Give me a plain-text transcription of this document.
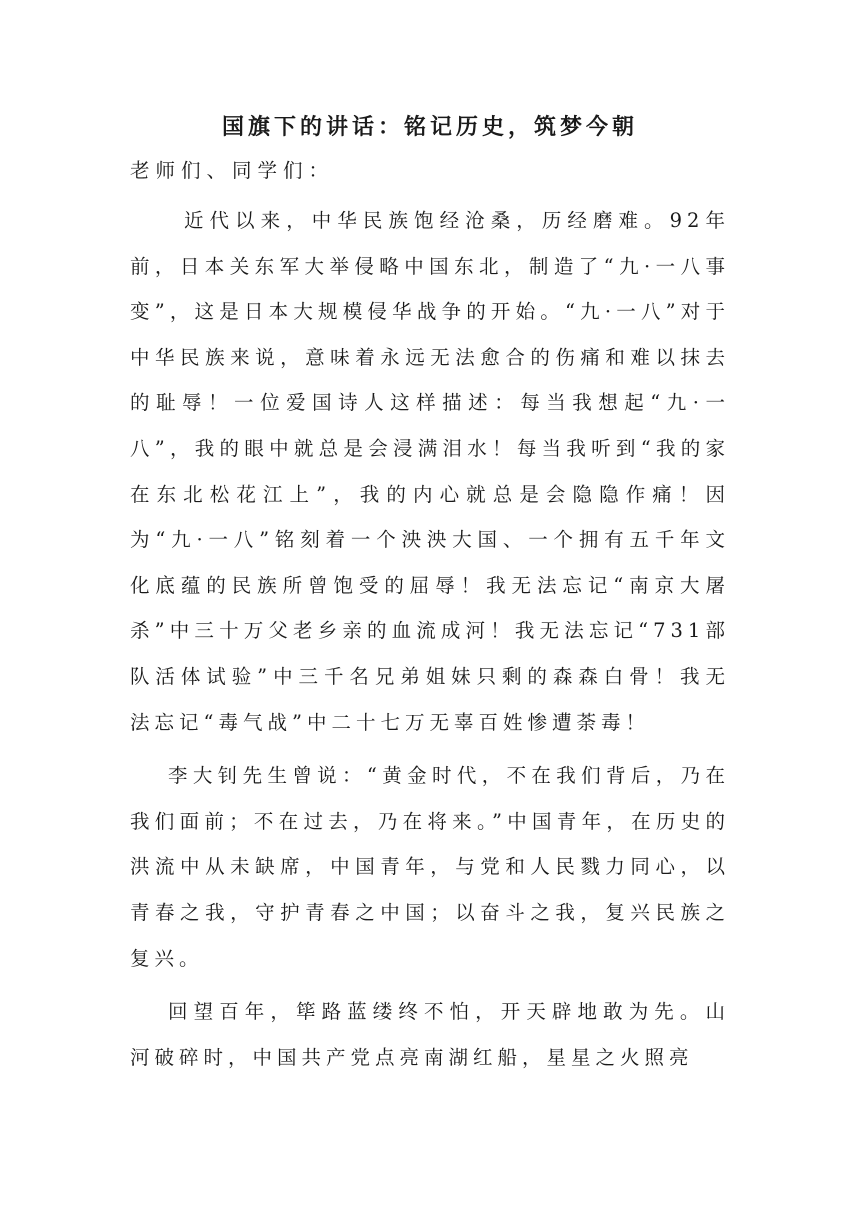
国旗下的讲话：铭记历史，筑梦今朝

老师们、同学们：

近代以来，中华民族饱经沧桑，历经磨难。92年前，日本关东军大举侵略中国东北，制造了“九·一八事变”，这是日本大规模侵华战争的开始。“九·一八”对于中华民族来说，意味着永远无法愈合的伤痛和难以抹去的耻辱！一位爱国诗人这样描述：每当我想起“九·一八”，我的眼中就总是会浸满泪水！每当我听到“我的家在东北松花江上”，我的内心就总是会隐隐作痛！因为“九·一八”铭刻着一个泱泱大国、一个拥有五千年文化底蕴的民族所曾饱受的屈辱！我无法忘记“南京大屠杀”中三十万父老乡亲的血流成河！我无法忘记“731部队活体试验”中三千名兄弟姐妹只剩的森森白骨！我无法忘记“毒气战”中二十七万无辜百姓惨遭荼毒！

李大钊先生曾说：“黄金时代，不在我们背后，乃在我们面前；不在过去，乃在将来。”中国青年，在历史的洪流中从未缺席，中国青年，与党和人民戮力同心，以青春之我，守护青春之中国；以奋斗之我，复兴民族之复兴。

回望百年，筚路蓝缕终不怕，开天辟地敢为先。山河破碎时，中国共产党点亮南湖红船，星星之火照亮
